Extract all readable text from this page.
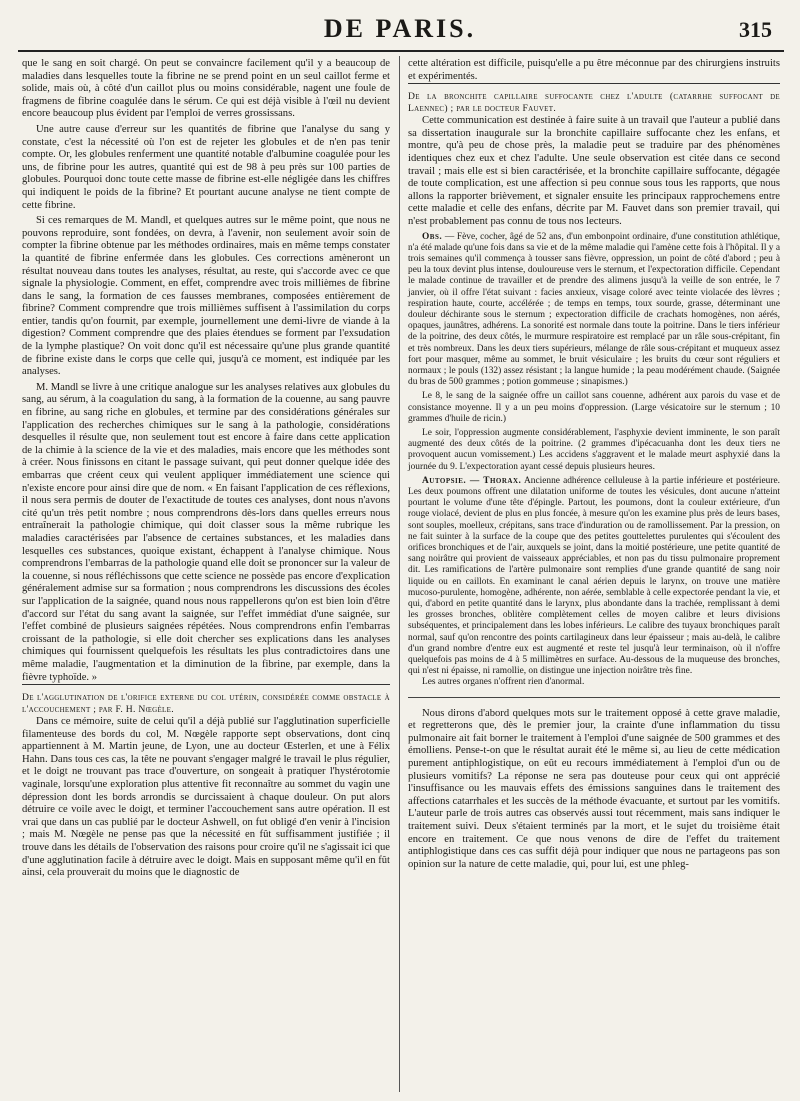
DE PARIS.	315

que le sang en soit chargé. On peut se convaincre facilement qu'il y a beaucoup de maladies dans lesquelles toute la fibrine ne se prend point en un seul caillot ferme et solide, mais où, à côté d'un caillot plus ou moins considérable, nagent une foule de fragmens de fibrine coagulée dans le sérum. Ce qui est déjà visible à l'œil nu devient encore beaucoup plus évident par l'emploi de verres grossissans.

Une autre cause d'erreur sur les quantités de fibrine que l'analyse du sang y constate, c'est la nécessité où l'on est de rejeter les globules et de n'en pas tenir compte. Or, les globules renferment une quantité notable d'albumine coagulée pour les uns, de fibrine pour les autres, quantité qui est de 98 à peu près sur 100 parties de globules. Pourquoi donc toute cette masse de fibrine est-elle négligée dans les chiffres qui indiquent le poids de la fibrine? Et pourtant aucune analyse ne tient compte de cette fibrine.

Si ces remarques de M. Mandl, et quelques autres sur le même point, que nous ne pouvons reproduire, sont fondées, on devra, à l'avenir, non seulement avoir soin de compter la fibrine obtenue par les méthodes ordinaires, mais en même temps constater la quantité de fibrine enfermée dans les globules. Ces corrections amèneront un résultat nouveau dans toutes les analyses, résultat, au reste, qui s'accorde avec ce que signale la physiologie. Comment, en effet, comprendre avec trois millièmes de fibrine dans le sang, la formation de ces fausses membranes, composées entièrement de fibrine? Comment comprendre que trois millièmes suffisent à l'assimilation du corps entier, tandis qu'on fournit, par exemple, journellement une demi-livre de viande à la digestion? Comment comprendre que des plaies étendues se forment par l'exsudation de la lymphe plastique? On voit donc qu'il est nécessaire qu'une plus grande quantité de fibrine existe dans le corps que celle qui, jusqu'à ce moment, est indiquée par les analyses.

M. Mandl se livre à une critique analogue sur les analyses relatives aux globules du sang, au sérum, à la coagulation du sang, à la formation de la couenne, au sang pauvre en fibrine, au sang riche en globules, et termine par des considérations générales sur l'application des recherches chimiques sur le sang à la pathologie, considérations desquelles il résulte que, non seulement tout est encore à faire dans cette application de la chimie à la science de la vie et des maladies, mais encore que les méthodes sont à créer. Nous finissons en citant le passage suivant, qui peut donner quelque idée des embarras que créent ceux qui veulent appliquer immédiatement une science qui n'existe encore pour ainsi dire que de nom. « En faisant l'application de ces réflexions, il nous sera permis de douter de l'exactitude de toutes ces analyses, dont nous n'avons cité qu'un très petit nombre ; nous comprendrons dès-lors dans quelles erreurs nous entraînerait la pathologie chimique, qui doit classer sous la même rubrique les maladies caractérisées par l'absence de certaines substances, et les maladies dans lesquelles ces substances, quoique existant, échappent à l'analyse chimique. Nous comprendrons l'embarras de la pathologie quand elle doit se prononcer sur la valeur de la couenne, si nous réfléchissons que cette science ne possède pas encore d'explication généralement admise sur sa formation ; nous comprendrons les discussions des écoles sur l'application de la saignée, quand nous nous rappellerons qu'on est bien loin d'être d'accord sur l'état du sang avant la saignée, sur l'effet immédiat d'une saignée, sur l'effet combiné de plusieurs saignées répétées. Nous comprendrons enfin l'embarras croissant de la pathologie, si elle doit chercher ses explications dans les analyses chimiques qui fournissent quelquefois les résultats les plus contradictoires dans une même maladie, l'augmentation et la diminution de la fibrine, par exemple, dans la fièvre typhoïde. »

De l'agglutination de l'orifice externe du col utérin, considérée comme obstacle à l'accouchement ; par F. H. Nœgèle.

Dans ce mémoire, suite de celui qu'il a déjà publié sur l'agglutination superficielle filamenteuse des bords du col, M. Nœgèle rapporte sept observations, dont cinq appartiennent à M. Martin jeune, de Lyon, une au docteur Œsterlen, et une à Félix Hahn. Dans tous ces cas, la tête ne pouvant s'engager malgré le travail le plus régulier, et le doigt ne trouvant pas trace d'ouverture, on songeait à pratiquer l'hystérotomie vaginale, lorsqu'une exploration plus attentive fit reconnaître au sommet du vagin une dépression dont les bords arrondis se durcissaient à chaque douleur. On put alors détruire ce voile avec le doigt, et terminer l'accouchement sans autre opération. Il est vrai que dans un cas publié par le docteur Ashwell, on fut obligé d'en venir à l'incision ; mais M. Nœgèle ne pense pas que la nécessité en fût suffisamment justifiée ; il trouve dans les détails de l'observation des raisons pour croire qu'il ne s'agissait ici que d'une agglutination facile à détruire avec le doigt. Mais en supposant même qu'il en fût ainsi, cela prouverait du moins que le diagnostic de

cette altération est difficile, puisqu'elle a pu être méconnue par des chirurgiens instruits et expérimentés.

De la bronchite capillaire suffocante chez l'adulte (catarrhe suffocant de Laennec) ; par le docteur Fauvet.

Cette communication est destinée à faire suite à un travail que l'auteur a publié dans sa dissertation inaugurale sur la bronchite capillaire suffocante chez les enfans, et montre, qu'à peu de chose près, la maladie peut se traduire par des phénomènes identiques chez eux et chez l'adulte. Une seule observation est citée dans ce second travail ; mais elle est si bien caractérisée, et la bronchite capillaire suffocante, dégagée de toute complication, est une affection si peu connue sous tous les rapports, que nous allons la rapporter brièvement, et signaler ensuite les principaux rapprochemens entre cette maladie et celle des enfans, décrite par M. Fauvet dans son premier travail, qui n'est probablement pas connu de tous nos lecteurs.

Obs. — Fève, cocher, âgé de 52 ans, d'un embonpoint ordinaire, d'une constitution athlétique, n'a été malade qu'une fois dans sa vie et de la même maladie qui l'amène cette fois à l'hôpital. Il y a trois semaines qu'il commença à tousser sans fièvre, oppression, un point de côté d'abord ; peu à peu la toux devint plus intense, douloureuse vers le sternum, et l'expectoration difficile. Cependant le malade continue de travailler et de prendre des alimens jusqu'à la veille de son entrée, le 7 janvier, où il offre l'état suivant : facies anxieux, visage coloré avec teinte violacée des lèvres ; respiration haute, courte, accélérée ; de temps en temps, toux sourde, grasse, déterminant une douleur déchirante sous le sternum ; expectoration difficile de crachats homogènes, non aérés, opaques, jaunâtres, adhérens. La sonorité est normale dans toute la poitrine. Dans le tiers inférieur de la poitrine, des deux côtés, le murmure respiratoire est remplacé par un râle sous-crépitant, fin et très nombreux. Dans les deux tiers supérieurs, mélange de râle sous-crépitant et muqueux assez fort pour masquer, même au sommet, le bruit vésiculaire ; les bruits du cœur sont réguliers et normaux ; le pouls (132) assez résistant ; la langue humide ; la peau modérément chaude. (Saignée du bras de 500 grammes ; potion gommeuse ; sinapismes.)

Le 8, le sang de la saignée offre un caillot sans couenne, adhérent aux parois du vase et de consistance moyenne. Il y a un peu moins d'oppression. (Large vésicatoire sur le sternum ; 10 grammes d'huile de ricin.)

Le soir, l'oppression augmente considérablement, l'asphyxie devient imminente, le son paraît augmenté des deux côtés de la poitrine. (2 grammes d'ipécacuanha dont les deux tiers ne provoquent aucun vomissement.) Les accidens s'aggravent et le malade meurt asphyxié dans la journée du 9. L'expectoration ayant cessé depuis plusieurs heures.

Autopsie. — Thorax. Ancienne adhérence celluleuse à la partie inférieure et postérieure. Les deux poumons offrent une dilatation uniforme de toutes les vésicules, dont aucune n'atteint pourtant le volume d'une tête d'épingle. Partout, les poumons, dont la couleur extérieure, d'un rouge violacé, devient de plus en plus foncée, à mesure qu'on les examine plus près de leurs bases, sont souples, moelleux, crépitans, sans trace d'induration ou de ramollissement. Par la pression, on ne fait suinter à la surface de la coupe que des petites gouttelettes purulentes qui s'écoulent des orifices bronchiques et de l'air, auxquels se joint, dans la moitié postérieure, une petite quantité de sang noirâtre qui provient de vaisseaux appréciables, et non pas du tissu pulmonaire proprement dit. Les ramifications de l'artère pulmonaire sont remplies d'une grande quantité de sang noir liquide ou en caillots. En examinant le canal aérien depuis le larynx, on trouve une matière mucoso-purulente, homogène, adhérente, non aérée, semblable à celle expectorée pendant la vie, et qui, d'abord en petite quantité dans le larynx, plus abondante dans la trachée, remplissant à demi les grosses bronches, oblitère complètement celles de moyen calibre et leurs divisions subséquentes, et principalement dans les lobes inférieurs. Le calibre des tuyaux bronchiques paraît normal, sauf qu'on rencontre des points cartilagineux dans leur épaisseur ; mais au-delà, le calibre d'un grand nombre d'entre eux est augmenté et reste tel jusqu'à leur terminaison, où il n'offre quelquefois pas moins de 4 à 5 millimètres en surface. Au-dessous de la muqueuse des bronches, qui n'est ni épaisse, ni ramollie, on distingue une injection noirâtre très fine.

Les autres organes n'offrent rien d'anormal.

Nous dirons d'abord quelques mots sur le traitement opposé à cette grave maladie, et regretterons que, dès le premier jour, la crainte d'une inflammation du tissu pulmonaire ait fait borner le traitement à l'emploi d'une saignée de 500 grammes et des émolliens. Pense-t-on que le résultat aurait été le même si, au lieu de cette médication purement antiphlogistique, on eût eu recours immédiatement à l'emploi d'un ou de plusieurs vomitifs? La réponse ne sera pas douteuse pour ceux qui ont apprécié l'insuffisance ou les mauvais effets des émissions sanguines dans le traitement des affections catarrhales et les succès de la méthode évacuante, et surtout par les vomitifs. L'auteur parle de trois autres cas observés aussi tout récemment, mais sans indiquer le traitement suivi. Deux s'étaient terminés par la mort, et le sujet du troisième était encore en traitement. Ce que nous venons de dire de l'effet du traitement antiphlogistique dans ces cas suffit déjà pour indiquer que nous ne partageons pas son opinion sur la nature de cette maladie, qui, pour lui, est une phleg-
